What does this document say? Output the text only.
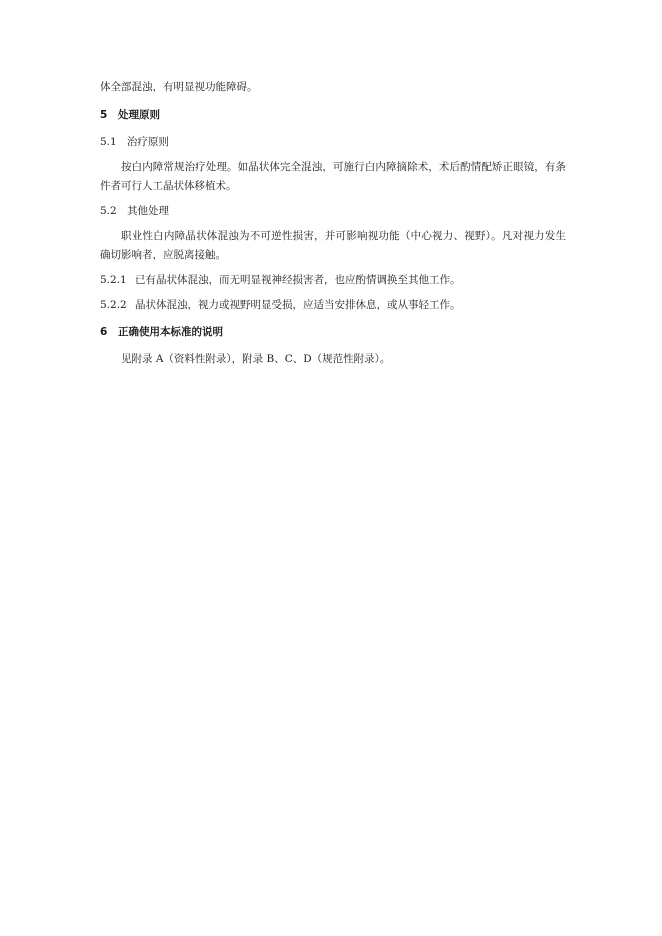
体全部混浊，有明显视功能障碍。

5 处理原则
5.1 治疗原则

按白内障常规治疗处理。如晶状体完全混浊，可施行白内障摘除术，术后酌情配矫正眼镜，有条件者可行人工晶状体移植术。

5.2 其他处理

职业性白内障晶状体混浊为不可逆性损害，并可影响视功能（中心视力、视野）。凡对视力发生确切影响者，应脱离接触。

5.2.1 已有晶状体混浊，而无明显视神经损害者，也应酌情调换至其他工作。
5.2.2 晶状体混浊，视力或视野明显受损，应适当安排休息，或从事轻工作。
6 正确使用本标准的说明

见附录 A（资料性附录），附录 B、C、D（规范性附录）。
